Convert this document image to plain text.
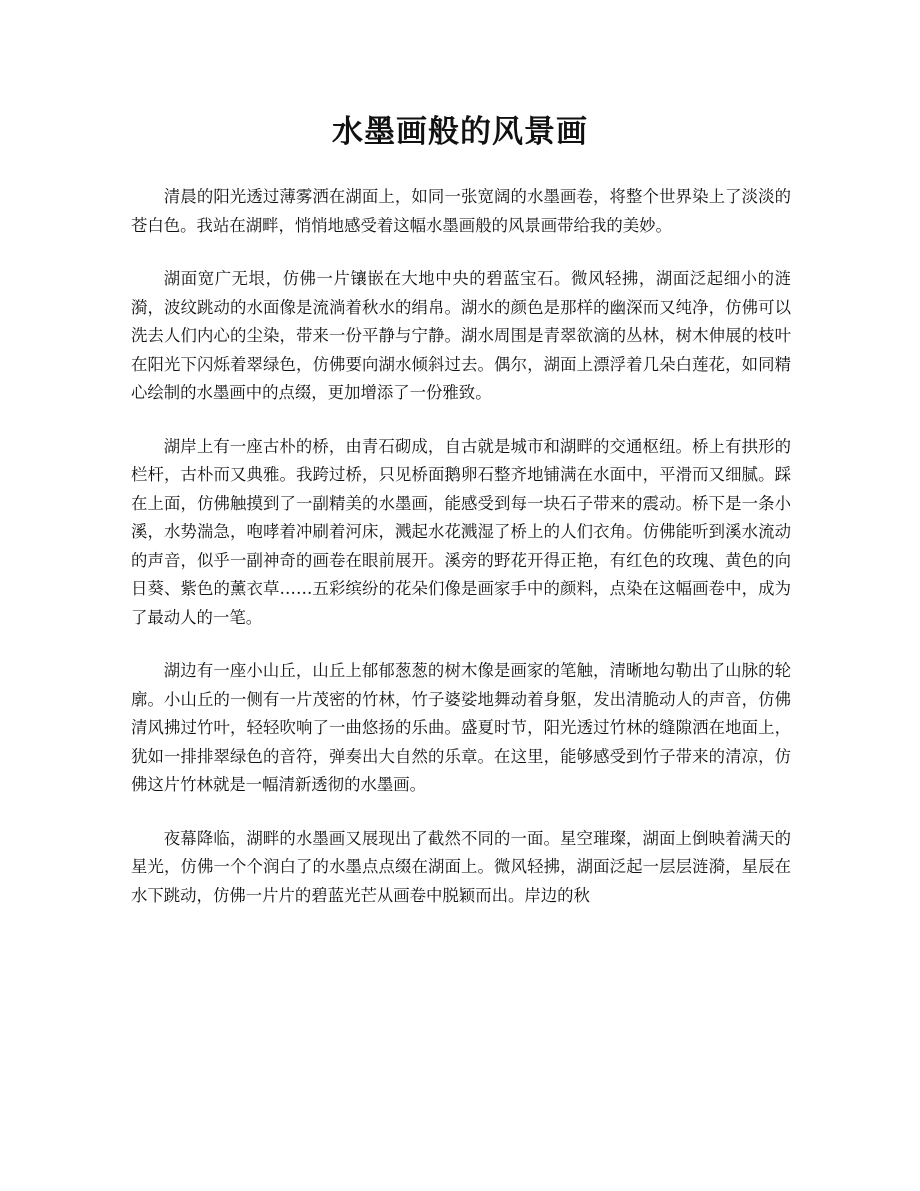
水墨画般的风景画

清晨的阳光透过薄雾洒在湖面上，如同一张宽阔的水墨画卷，将整个世界染上了淡淡的苍白色。我站在湖畔，悄悄地感受着这幅水墨画般的风景画带给我的美妙。

湖面宽广无垠，仿佛一片镶嵌在大地中央的碧蓝宝石。微风轻拂，湖面泛起细小的涟漪，波纹跳动的水面像是流淌着秋水的绢帛。湖水的颜色是那样的幽深而又纯净，仿佛可以洗去人们内心的尘染，带来一份平静与宁静。湖水周围是青翠欲滴的丛林，树木伸展的枝叶在阳光下闪烁着翠绿色，仿佛要向湖水倾斜过去。偶尔，湖面上漂浮着几朵白莲花，如同精心绘制的水墨画中的点缀，更加增添了一份雅致。

湖岸上有一座古朴的桥，由青石砌成，自古就是城市和湖畔的交通枢纽。桥上有拱形的栏杆，古朴而又典雅。我跨过桥，只见桥面鹅卵石整齐地铺满在水面中，平滑而又细腻。踩在上面，仿佛触摸到了一副精美的水墨画，能感受到每一块石子带来的震动。桥下是一条小溪，水势湍急，咆哮着冲刷着河床，溅起水花溅湿了桥上的人们衣角。仿佛能听到溪水流动的声音，似乎一副神奇的画卷在眼前展开。溪旁的野花开得正艳，有红色的玫瑰、黄色的向日葵、紫色的薰衣草……五彩缤纷的花朵们像是画家手中的颜料，点染在这幅画卷中，成为了最动人的一笔。

湖边有一座小山丘，山丘上郁郁葱葱的树木像是画家的笔触，清晰地勾勒出了山脉的轮廓。小山丘的一侧有一片茂密的竹林，竹子婆娑地舞动着身躯，发出清脆动人的声音，仿佛清风拂过竹叶，轻轻吹响了一曲悠扬的乐曲。盛夏时节，阳光透过竹林的缝隙洒在地面上，犹如一排排翠绿色的音符，弹奏出大自然的乐章。在这里，能够感受到竹子带来的清凉，仿佛这片竹林就是一幅清新透彻的水墨画。

夜幕降临，湖畔的水墨画又展现出了截然不同的一面。星空璀璨，湖面上倒映着满天的星光，仿佛一个个润白了的水墨点点缀在湖面上。微风轻拂，湖面泛起一层层涟漪，星辰在水下跳动，仿佛一片片的碧蓝光芒从画卷中脱颖而出。岸边的秋
